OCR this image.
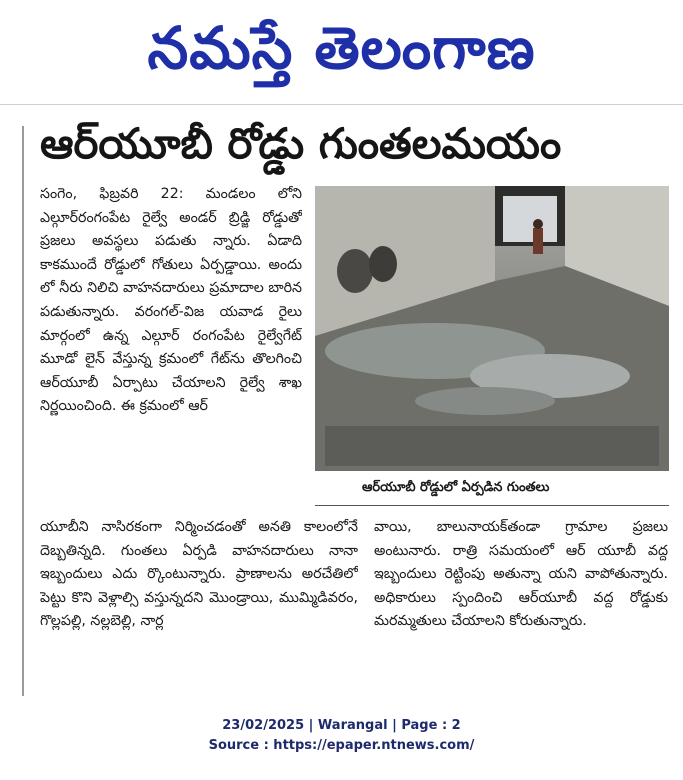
నమస్తే తెలంగాణ
ఆర్‌యూబీ రోడ్డు గుంతలమయం

సంగెం, ఫిబ్రవరి 22: మండలం లోని ఎల్గూర్‌రంగంపేట రైల్వే అండర్ బ్రిడ్జి రోడ్డుతో ప్రజలు అవస్థలు పడుతు న్నారు. ఏడాది కాకముందే రోడ్డులో గోతులు ఏర్పడ్డాయి. అందు లో నీరు నిలిచి వాహనదారులు ప్రమాదాల బారిన పడుతున్నారు. వరంగల్‌-విజ యవాడ రైలు మార్గంలో ఉన్న ఎల్గూర్ రంగంపేట రైల్వేగేట్ మూడో లైన్ వేస్తున్న క్రమంలో గేట్‌ను తొలగించి ఆర్‌యూబీ ఏర్పాటు చేయాలని రైల్వే శాఖ నిర్ణయించింది. ఈ క్రమంలో ఆర్

ఆర్‌యూబీ రోడ్డులో ఏర్పడిన గుంతలు

యూబీని నాసిరకంగా నిర్మించడంతో అనతి కాలంలోనే దెబ్బతిన్నది. గుంతలు ఏర్పడి వాహనదారులు నానా ఇబ్బందులు ఎదు ర్కొంటున్నారు. ప్రాణాలను అరచేతిలో పెట్టు కొని వెళ్లాల్సి వస్తున్నదని మొండ్రాయి, ముమ్మిడివరం, గొల్లపల్లి, నల్లబెల్లి, నార్ల

వాయి, బాలునాయక్‌తండా గ్రామాల ప్రజలు అంటునారు. రాత్రి సమయంలో ఆర్ యూబీ వద్ద ఇబ్బందులు రెట్టింపు అతున్నా యని వాపోతున్నారు. అధికారులు స్పందించి ఆర్‌యూబీ వద్ద రోడ్డుకు మరమ్మతులు చేయాలని కోరుతున్నారు.

23/02/2025 | Warangal | Page : 2
Source : https://epaper.ntnews.com/
